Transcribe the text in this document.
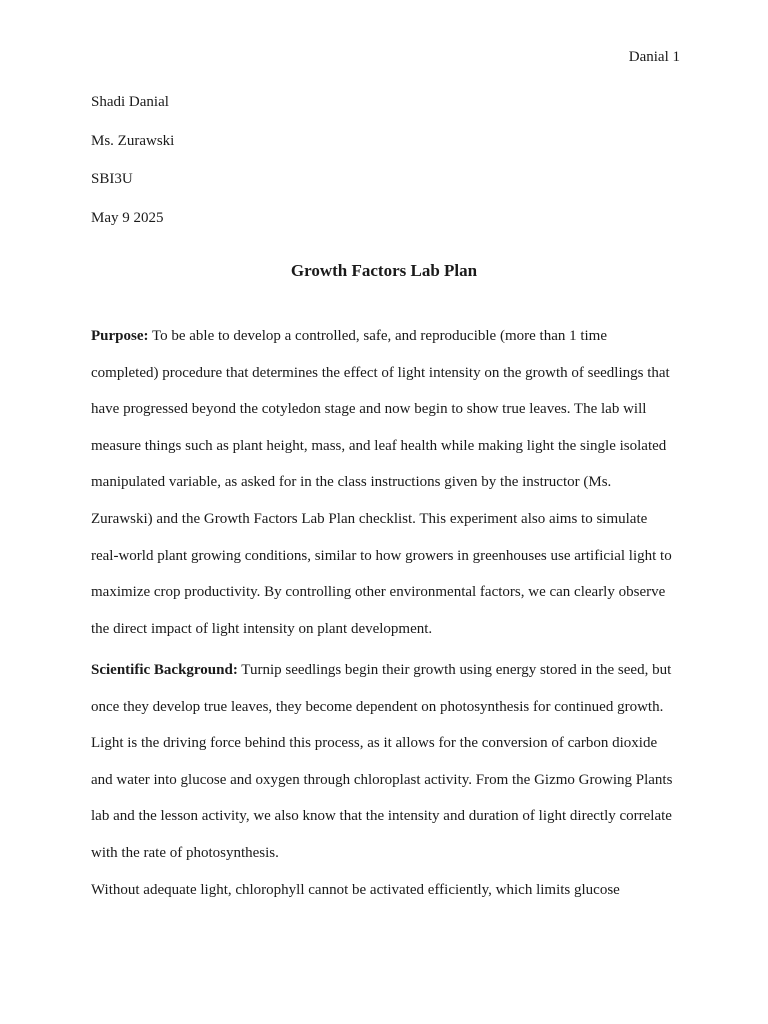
Danial 1
Shadi Danial
Ms. Zurawski
SBI3U
May 9 2025
Growth Factors Lab Plan
Purpose: To be able to develop a controlled, safe, and reproducible (more than 1 time
completed) procedure that determines the effect of light intensity on the growth of seedlings that
have progressed beyond the cotyledon stage and now begin to show true leaves. The lab will
measure things such as plant height, mass, and leaf health while making light the single isolated
manipulated variable, as asked for in the class instructions given by the instructor (Ms.
Zurawski) and the Growth Factors Lab Plan checklist. This experiment also aims to simulate
real-world plant growing conditions, similar to how growers in greenhouses use artificial light to
maximize crop productivity. By controlling other environmental factors, we can clearly observe
the direct impact of light intensity on plant development.
Scientific Background: Turnip seedlings begin their growth using energy stored in the seed, but
once they develop true leaves, they become dependent on photosynthesis for continued growth.
Light is the driving force behind this process, as it allows for the conversion of carbon dioxide
and water into glucose and oxygen through chloroplast activity. From the Gizmo Growing Plants
lab and the lesson activity, we also know that the intensity and duration of light directly correlate
with the rate of photosynthesis.
Without adequate light, chlorophyll cannot be activated efficiently, which limits glucose
